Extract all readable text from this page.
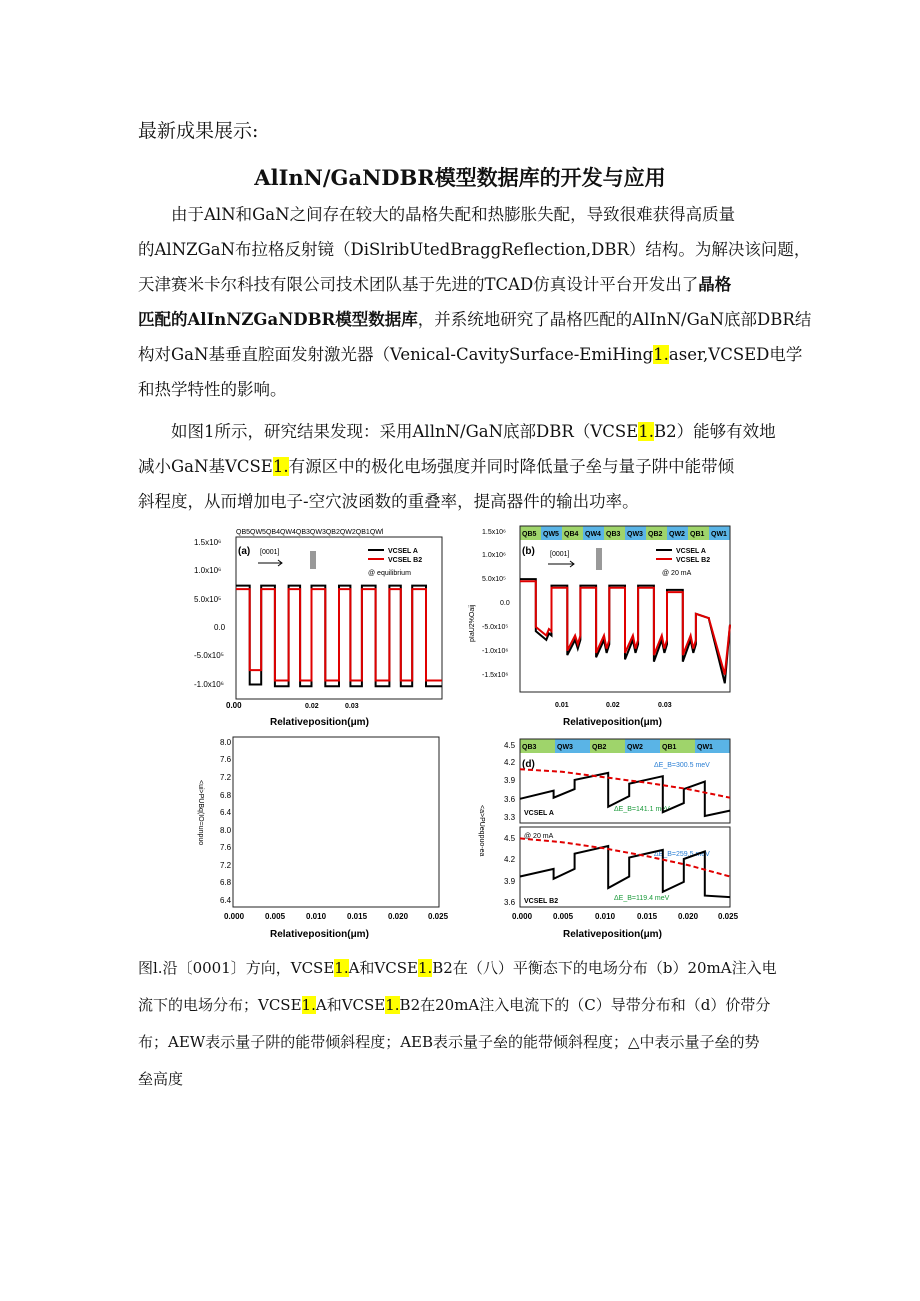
最新成果展示:
AlInN/GaNDBR模型数据库的开发与应用
由于AlN和GaN之间存在较大的晶格失配和热膨胀失配，导致很难获得高质量
的AlNZGaN布拉格反射镜（DiSlribUtedBraggReflection,DBR）结构。为解决该问题，
天津赛米卡尔科技有限公司技术团队基于先进的TCAD仿真设计平台开发出了晶格
匹配的AlInNZGaNDBR模型数据库，并系统地研究了晶格匹配的AlInN/GaN底部DBR结
构对GaN基垂直腔面发射激光器（Venical-CavitySurface-EmiHing1.aser,VCSED电学
和热学特性的影响。
如图1所示，研究结果发现：采用AllnN/GaN底部DBR（VCSE1.B2）能够有效地
减小GaN基VCSE1.有源区中的极化电场强度并同时降低量子垒与量子阱中能带倾
斜程度，从而增加电子-空穴波函数的重叠率，提高器件的输出功率。
QB5QW5QB4QW4QB3QW3QB2QW2QB1QWl
(a)
1.5x10⁶
1.0x10⁶
5.0x10⁵
0.0
-5.0x10⁵
-1.0x10⁶
0.00	0.02	0.03
Relativeposition(μm)
[0001]	VCSEL A
VCSEL B2
@ equilibrium
QB5 QW5 QB4 QW4 QB3 QW3 QB2 QW2 QB1 QW1
(b)
1.5x10⁶
1.0x10⁶
5.0x10⁵
0.0
-5.0x10⁵
-1.0x10⁶
-1.5x10⁶
pIaU2%Oaij
0.01	0.02	0.03
Relativeposition(μm)
[0001]	VCSEL A
VCSEL B2
@ 20 mA
8.0
7.6
7.2
6.8
6.4
8.0
7.6
7.2
6.8
6.4
<ui>PUBq(IO=unpuo
0.000	0.005	0.010	0.015	0.020 0.025
Relativeposition(μm)
QB3	QW3	QB2	QW2	QB1	QW1
(d)
4.5
4.2
3.9
3.6
3.3
4.5
4.2
3.9
3.6
<a>PUeqpuo-ea
0.000	0.005	0.010	0.015	0.020 0.025
Relativeposition(μm)
ΔE_B=300.5 meV
ΔE_B=141.1 meV
VCSEL A
@ 20 mA
ΔE_B=259.5 meV
ΔE_B=119.4 meV
VCSEL B2
图l.沿〔0001〕方向，VCSE1.A和VCSE1.B2在（八）平衡态下的电场分布（b）20mA注入电
流下的电场分布；VCSE1.A和VCSE1.B2在20mA注入电流下的（C）导带分布和（d）价带分
布；AEW表示量子阱的能带倾斜程度；AEB表示量子垒的能带倾斜程度；△中表示量子垒的势
垒高度
